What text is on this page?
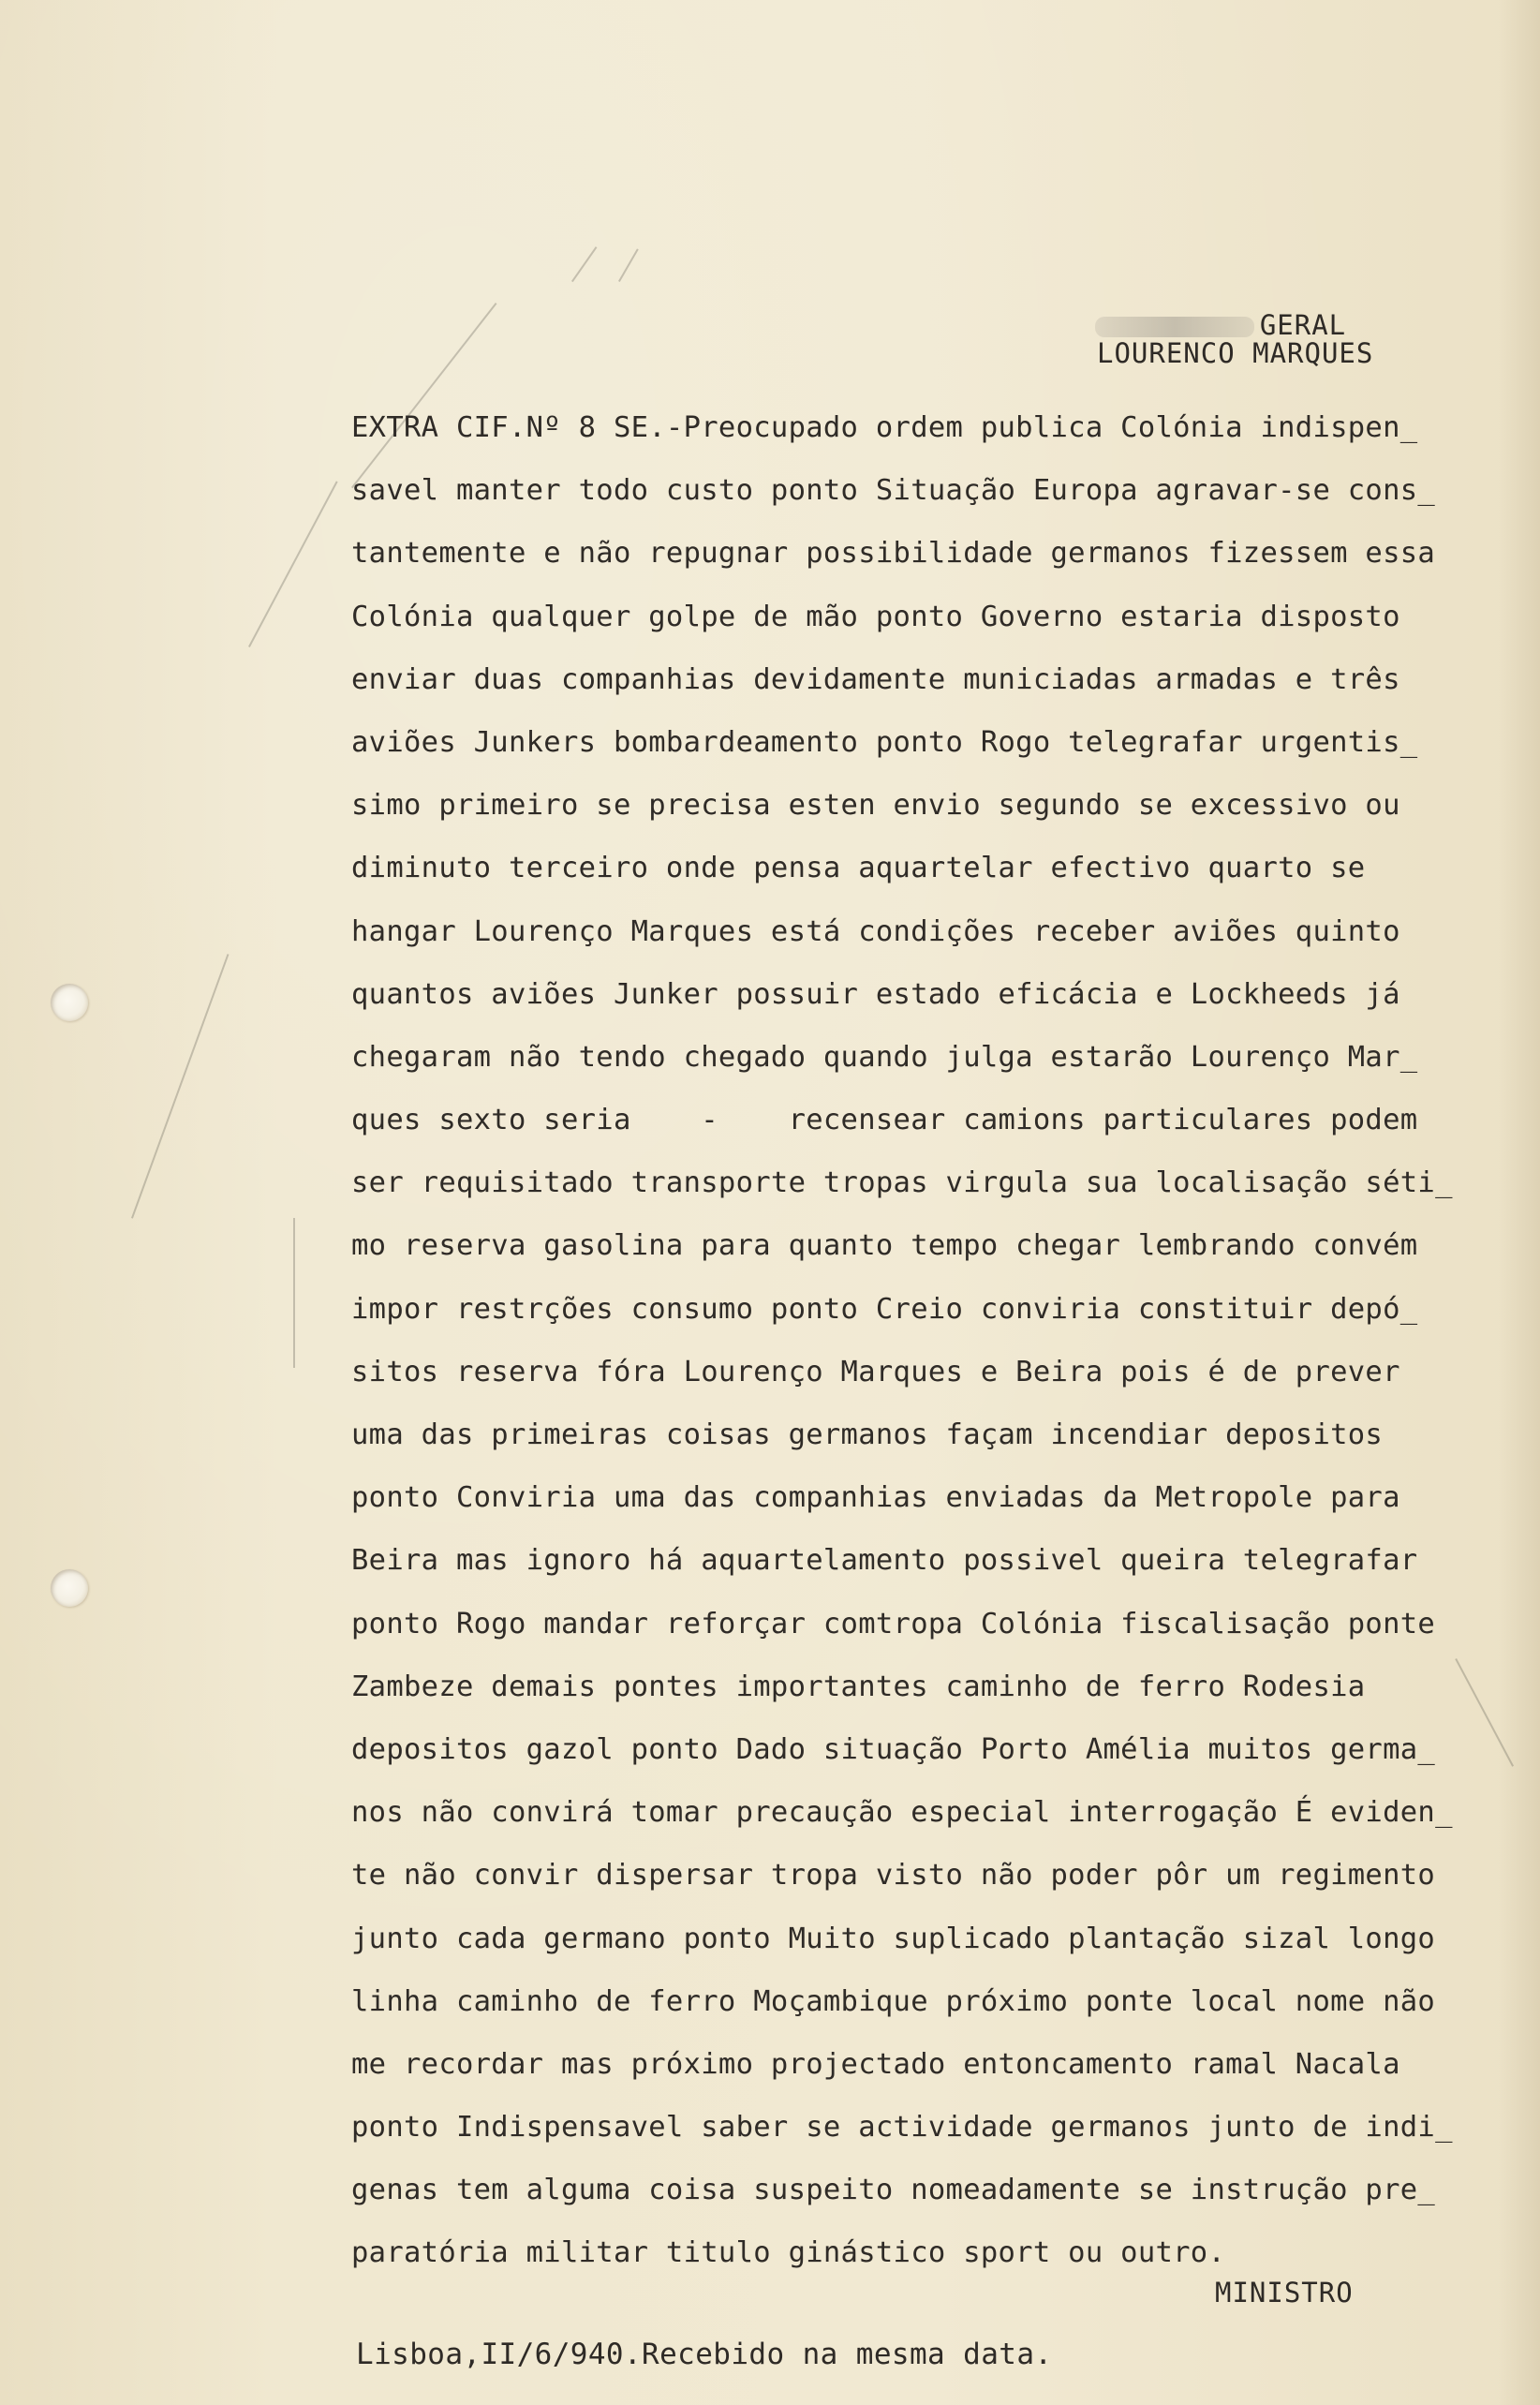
GERAL

LOURENCO MARQUES
EXTRA CIF.Nº 8 SE.-Preocupado ordem publica Colónia indispen_
savel manter todo custo ponto Situação Europa agravar-se cons_
tantemente e não repugnar possibilidade germanos fizessem essa
Colónia qualquer golpe de mão ponto Governo estaria disposto
enviar duas companhias devidamente municiadas armadas e três
aviões Junkers bombardeamento ponto Rogo telegrafar urgentis_
simo primeiro se precisa esten envio segundo se excessivo ou
diminuto terceiro onde pensa aquartelar efectivo quarto se
hangar Lourenço Marques está condições receber aviões quinto
quantos aviões Junker possuir estado eficácia e Lockheeds já
chegaram não tendo chegado quando julga estarão Lourenço Mar_
ques sexto seria    -    recensear camions particulares podem
ser requisitado transporte tropas virgula sua localisação séti_
mo reserva gasolina para quanto tempo chegar lembrando convém
impor restrções consumo ponto Creio conviria constituir depó_
sitos reserva fóra Lourenço Marques e Beira pois é de prever
uma das primeiras coisas germanos façam incendiar depositos
ponto Conviria uma das companhias enviadas da Metropole para
Beira mas ignoro há aquartelamento possivel queira telegrafar
ponto Rogo mandar reforçar comtropa Colónia fiscalisação ponte
Zambeze demais pontes importantes caminho de ferro Rodesia
depositos gazol ponto Dado situação Porto Amélia muitos germa_
nos não convirá tomar precaução especial interrogação É eviden_
te não convir dispersar tropa visto não poder pôr um regimento
junto cada germano ponto Muito suplicado plantação sizal longo
linha caminho de ferro Moçambique próximo ponte local nome não
me recordar mas próximo projectado entoncamento ramal Nacala
ponto Indispensavel saber se actividade germanos junto de indi_
genas tem alguma coisa suspeito nomeadamente se instrução pre_
paratória militar titulo ginástico sport ou outro.
MINISTRO
Lisboa,II/6/940.Recebido na mesma data.
